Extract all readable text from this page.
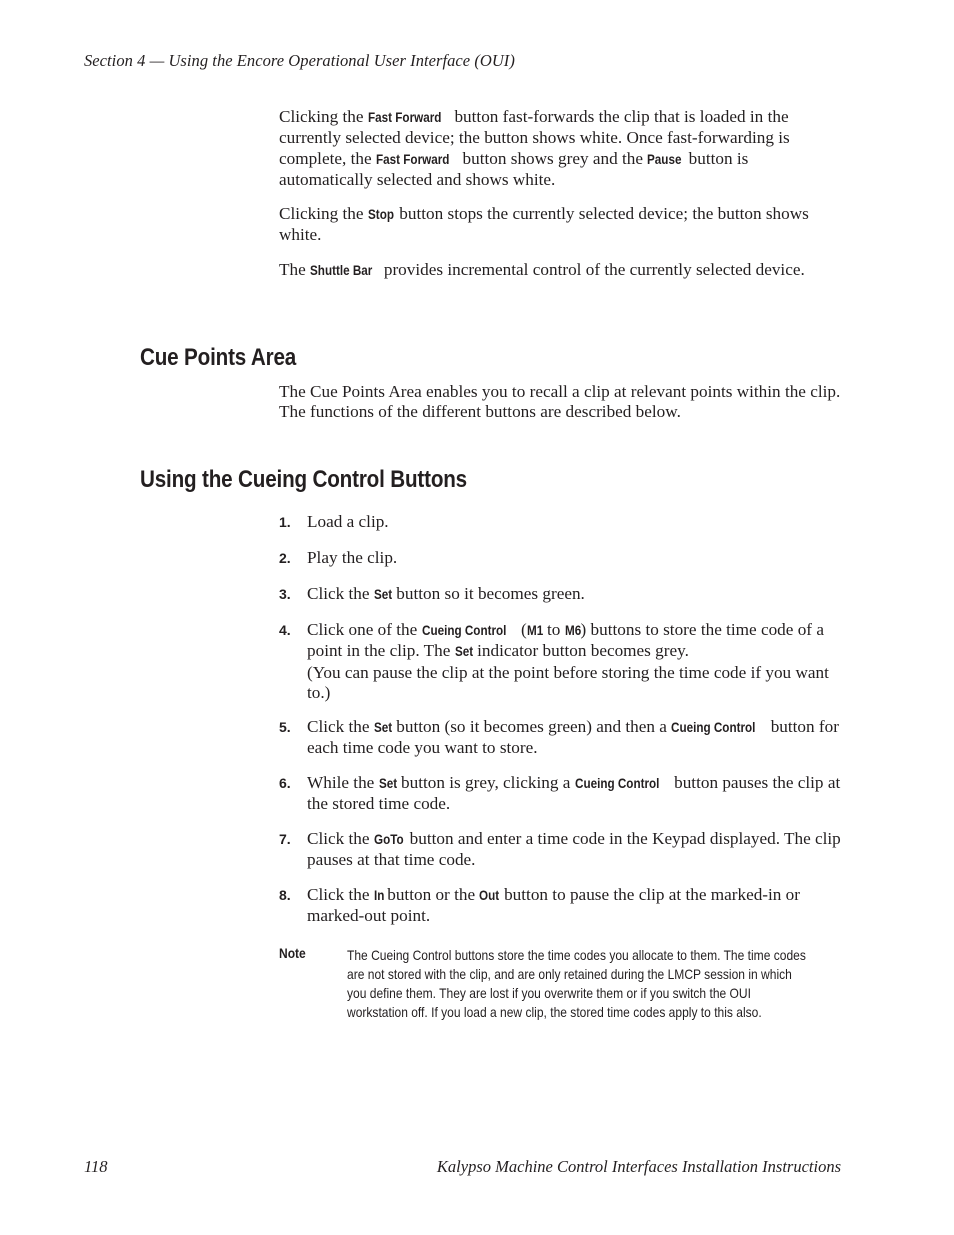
Section 4 — Using the Encore Operational User Interface (OUI)

Clicking the Fast Forward button fast-forwards the clip that is loaded in the currently selected device; the button shows white. Once fast-forwarding is complete, the Fast Forward button shows grey and the Pause button is automatically selected and shows white.

Clicking the Stop button stops the currently selected device; the button shows white.

The Shuttle Bar provides incremental control of the currently selected device.

Cue Points Area

The Cue Points Area enables you to recall a clip at relevant points within the clip. The functions of the different buttons are described below.

Using the Cueing Control Buttons
1. Load a clip.
2. Play the clip.
3. Click the Set button so it becomes green.
4. Click one of the Cueing Control (M1 to M6) buttons to store the time code of a point in the clip. The Set indicator button becomes grey.
(You can pause the clip at the point before storing the time code if you want to.)
5. Click the Set button (so it becomes green) and then a Cueing Control button for each time code you want to store.
6. While the Set button is grey, clicking a Cueing Control button pauses the clip at the stored time code.
7. Click the GoTo button and enter a time code in the Keypad displayed. The clip pauses at that time code.
8. Click the In button or the Out button to pause the clip at the marked-in or marked-out point.
Note	The Cueing Control buttons store the time codes you allocate to them. The time codes are not stored with the clip, and are only retained during the LMCP session in which you define them. They are lost if you overwrite them or if you switch the OUI workstation off. If you load a new clip, the stored time codes apply to this also.
118	Kalypso Machine Control Interfaces Installation Instructions
